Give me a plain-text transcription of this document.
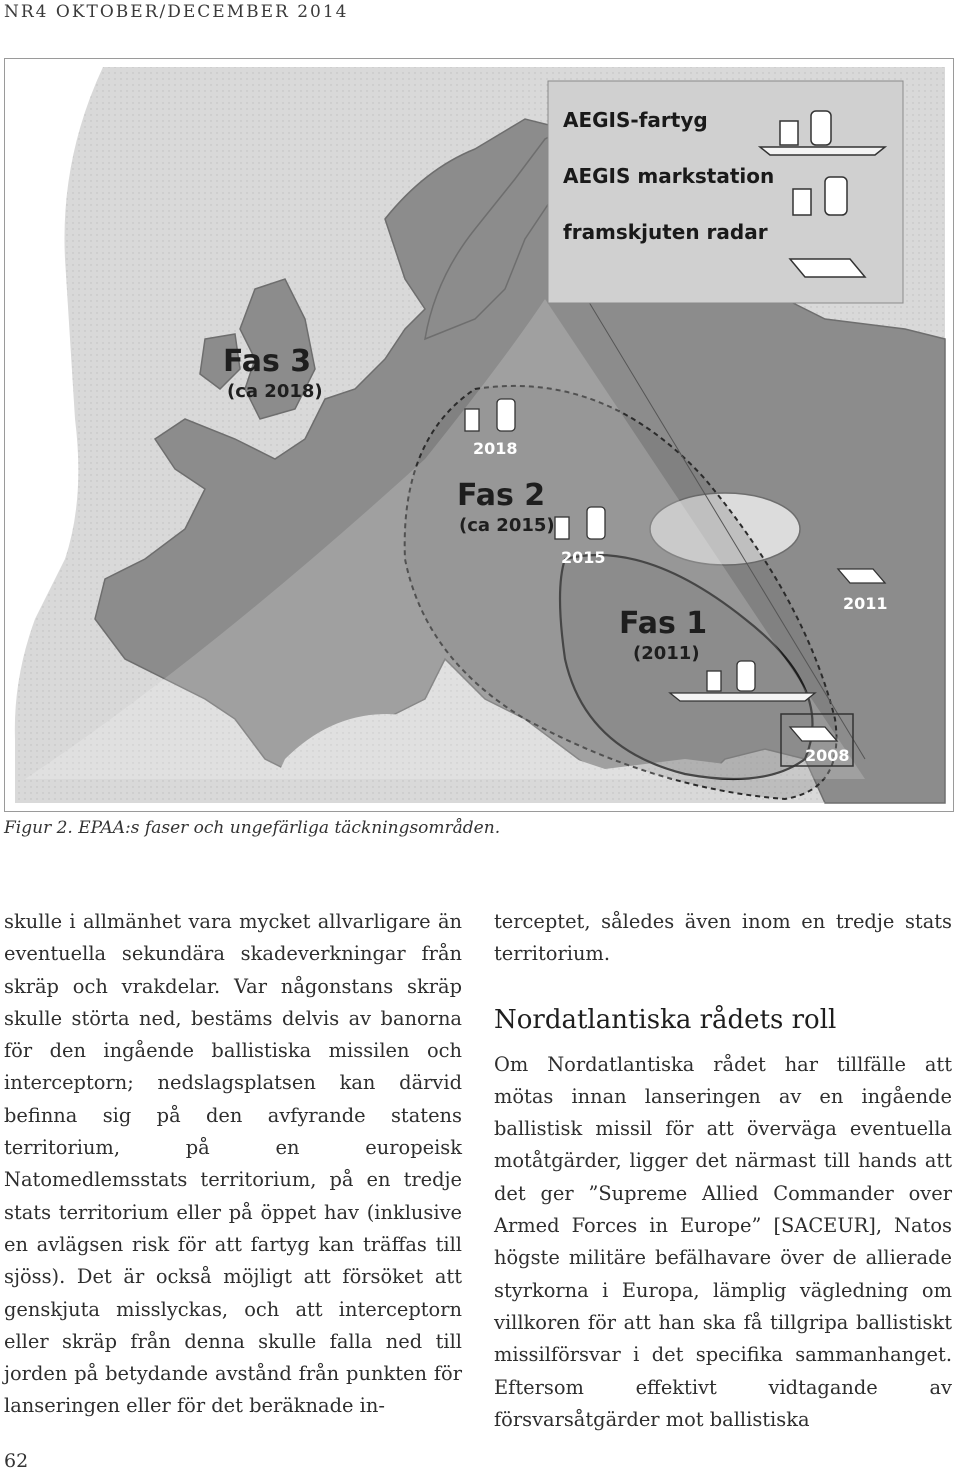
NR4 OKTOBER/DECEMBER 2014
AEGIS-fartyg
AEGIS markstation
framskjuten radar
Fas 3
(ca 2018)
Fas 2
(ca 2015)
Fas 1
(2011)
2018
2015
2011
2008
Figur 2. EPAA:s faser och ungefärliga täckningsområden.

skulle i allmänhet vara mycket allvarligare än eventuella sekundära skadeverkningar från skräp och vrakdelar. Var någonstans skräp skulle störta ned, bestäms delvis av banorna för den ingående ballistiska missilen och interceptorn; nedslagsplatsen kan därvid befinna sig på den avfyrande statens territorium, på en europeisk Natomedlemsstats territorium, på en tredje stats territorium eller på öppet hav (inklusive en avlägsen risk för att fartyg kan träffas till sjöss). Det är också möjligt att försöket att genskjuta misslyckas, och att interceptorn eller skräp från denna skulle falla ned till jorden på betydande avstånd från punkten för lanseringen eller för det beräknade in-

terceptet, således även inom en tredje stats territorium.

Nordatlantiska rådets roll

Om Nordatlantiska rådet har tillfälle att mötas innan lanseringen av en ingående ballistisk missil för att överväga eventuella motåtgärder, ligger det närmast till hands att det ger ”Supreme Allied Commander over Armed Forces in Europe” [SACEUR], Natos högste militäre befälhavare över de allierade styrkorna i Europa, lämplig vägledning om villkoren för att han ska få tillgripa ballistiskt missilförsvar i det specifika sammanhanget. Eftersom effektivt vidtagande av försvarsåtgärder mot ballistiska

62
